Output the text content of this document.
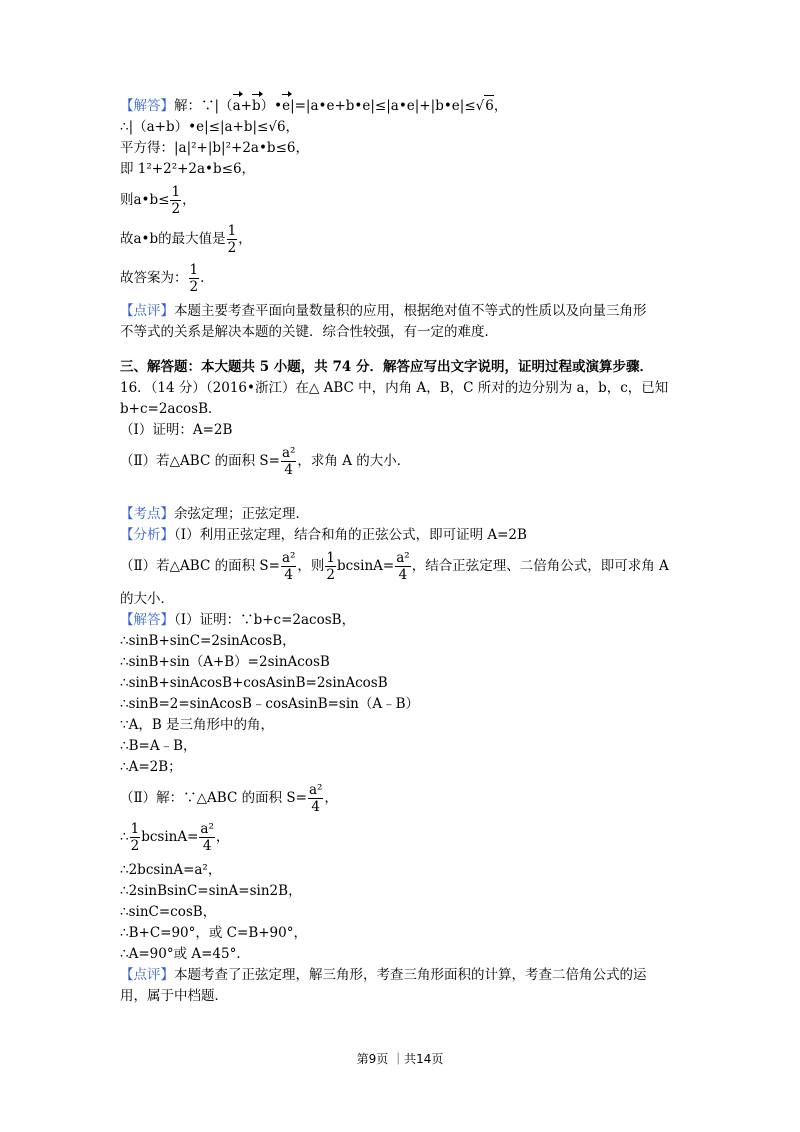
【解答】解：∵|（a+b）•e|=|a•e+b•e|≤|a•e|+|b•e|≤√6，
∴|（a+b）•e|≤|a+b|≤√6，
平方得：|a|²+|b|²+2a•b≤6，
即 1²+2²+2a•b≤6，
则a•b≤ $\frac{1}{2}$ ，
故a•b的最大值是 $\frac{1}{2}$ ，
故答案为： $\frac{1}{2}$ .
【点评】本题主要考查平面向量数量积的应用，根据绝对值不等式的性质以及向量三角形
不等式的关系是解决本题的关键．综合性较强，有一定的难度．
三、解答题：本大题共 5 小题，共 74 分．解答应写出文字说明，证明过程或演算步骤．
16．（14 分）（2016•浙江）在△ ABC 中，内角 A，B，C 所对的边分别为 a，b，c，已知
b+c=2acosB．
（Ⅰ）证明：A=2B
（Ⅱ）若△ABC 的面积 $S= \frac{\text{a²}}{4}$ ，求角 A 的大小．
【考点】余弦定理；正弦定理．
【分析】（Ⅰ）利用正弦定理，结合和角的正弦公式，即可证明 A=2B
（Ⅱ）若△ABC 的面积 $S= \frac{\text{a²}}{4}$ ，则 $\frac{1}{2} bcsinA= \frac{\text{a²}}{4}$ ，结合正弦定理、二倍角公式，即可求角 A
的大小．
【解答】（Ⅰ）证明：∵b+c=2acosB，
∴sinB+sinC=2sinAcosB，
∴sinB+sin（A+B）=2sinAcosB
∴sinB+sinAcosB+cosAsinB=2sinAcosB
∴sinB=2=sinAcosB﹣cosAsinB=sin（A﹣B）
∵A，B 是三角形中的角，
∴B=A﹣B，
∴A=2B；
（Ⅱ）解：∵△ABC 的面积 $S= \frac{\text{a²}}{4}$ ，
∴ $\frac{1}{2} bcsinA= \frac{\text{a²}}{4}$ ，
∴2bcsinA=a²，
∴2sinBsinC=sinA=sin2B，
∴sinC=cosB，
∴B+C=90°，或 C=B+90°，
∴A=90°或 A=45°．
【点评】本题考查了正弦定理，解三角形，考查三角形面积的计算，考查二倍角公式的运
用，属于中档题．
第9页 ｜共14页
